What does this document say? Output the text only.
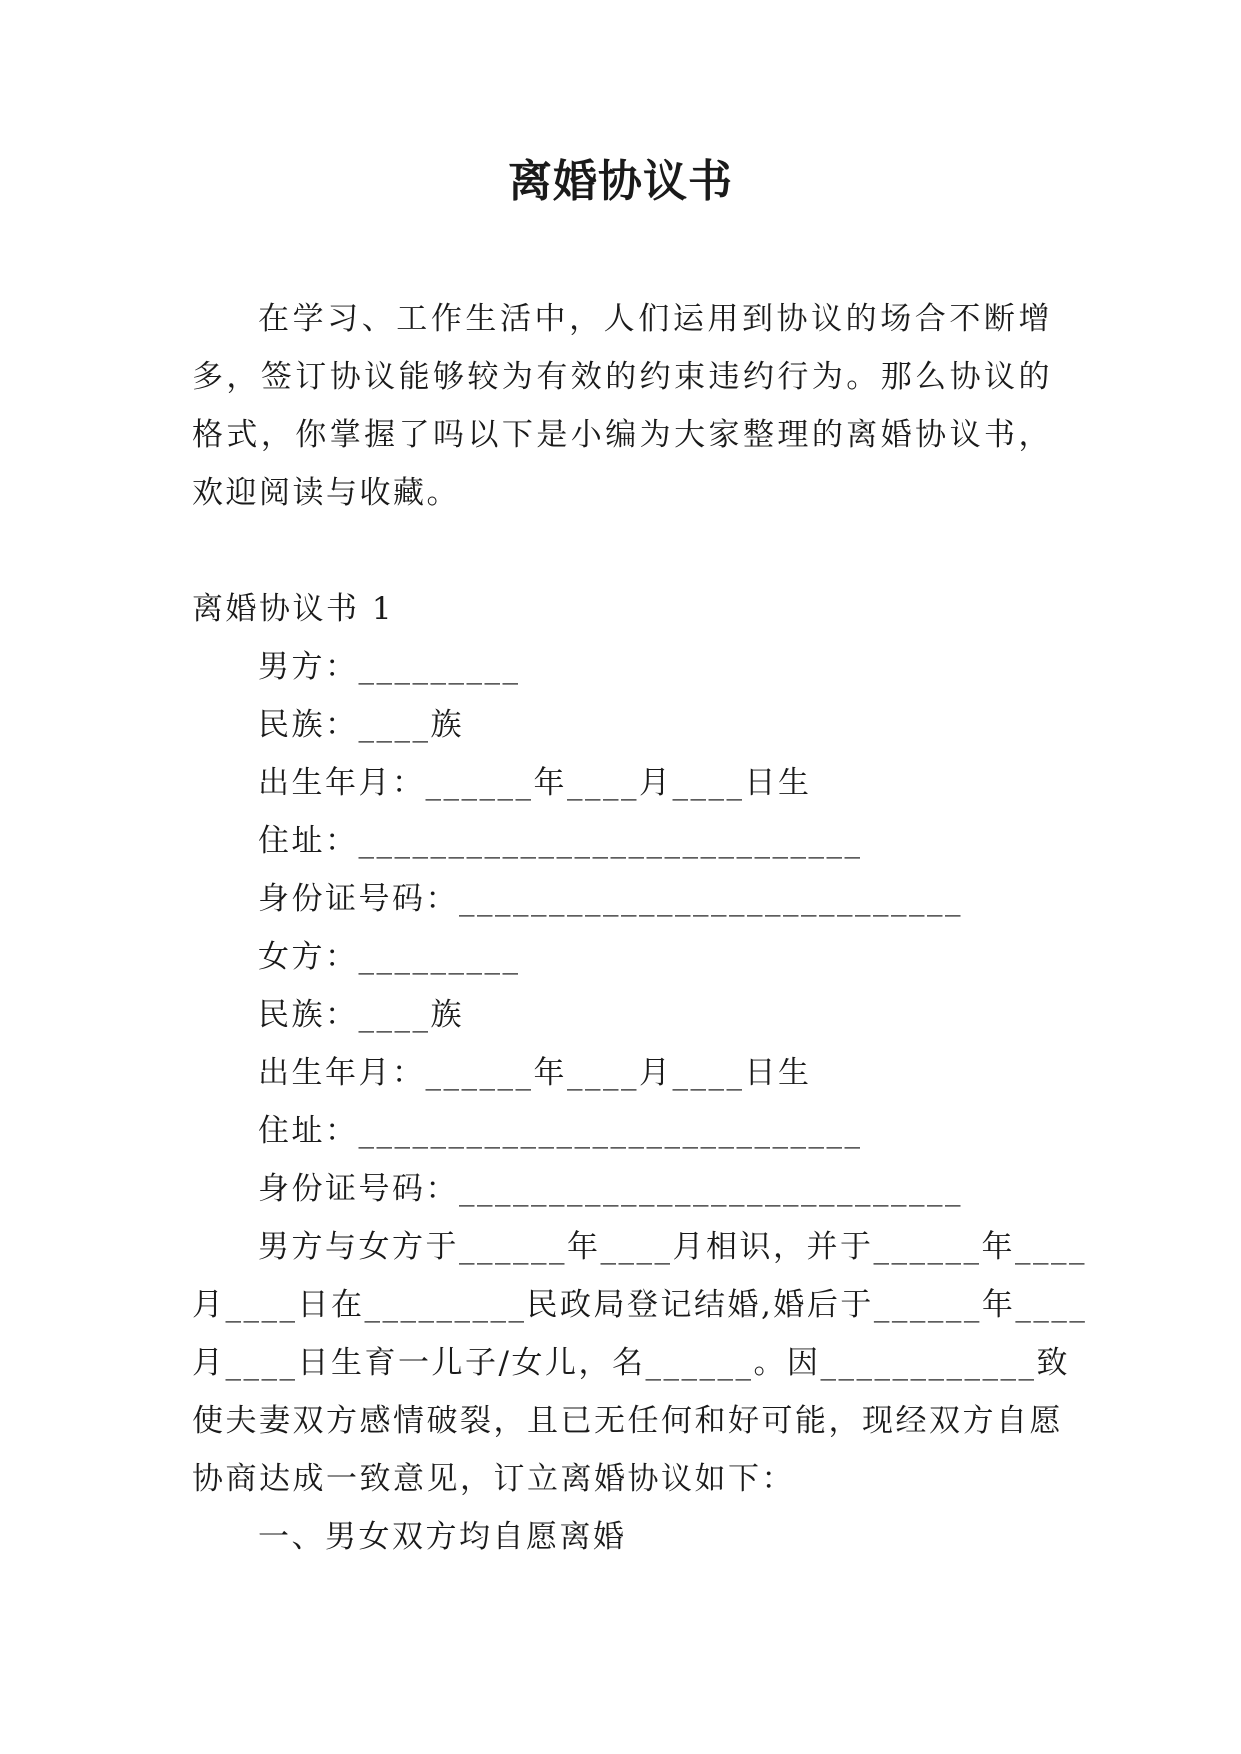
离婚协议书

在学习、工作生活中，人们运用到协议的场合不断增多，签订协议能够较为有效的约束违约行为。那么协议的格式，你掌握了吗以下是小编为大家整理的离婚协议书，欢迎阅读与收藏。

离婚协议书 1

男方：_________

民族：____族

出生年月：______年____月____日生

住址：____________________________

身份证号码：____________________________

女方：_________

民族：____族

出生年月：______年____月____日生

住址：____________________________

身份证号码：____________________________

男方与女方于______年____月相识，并于______年____

月____日在_________民政局登记结婚,婚后于______年____

月____日生育一儿子/女儿，名______。因____________致

使夫妻双方感情破裂，且已无任何和好可能，现经双方自愿

协商达成一致意见，订立离婚协议如下：

一、男女双方均自愿离婚
